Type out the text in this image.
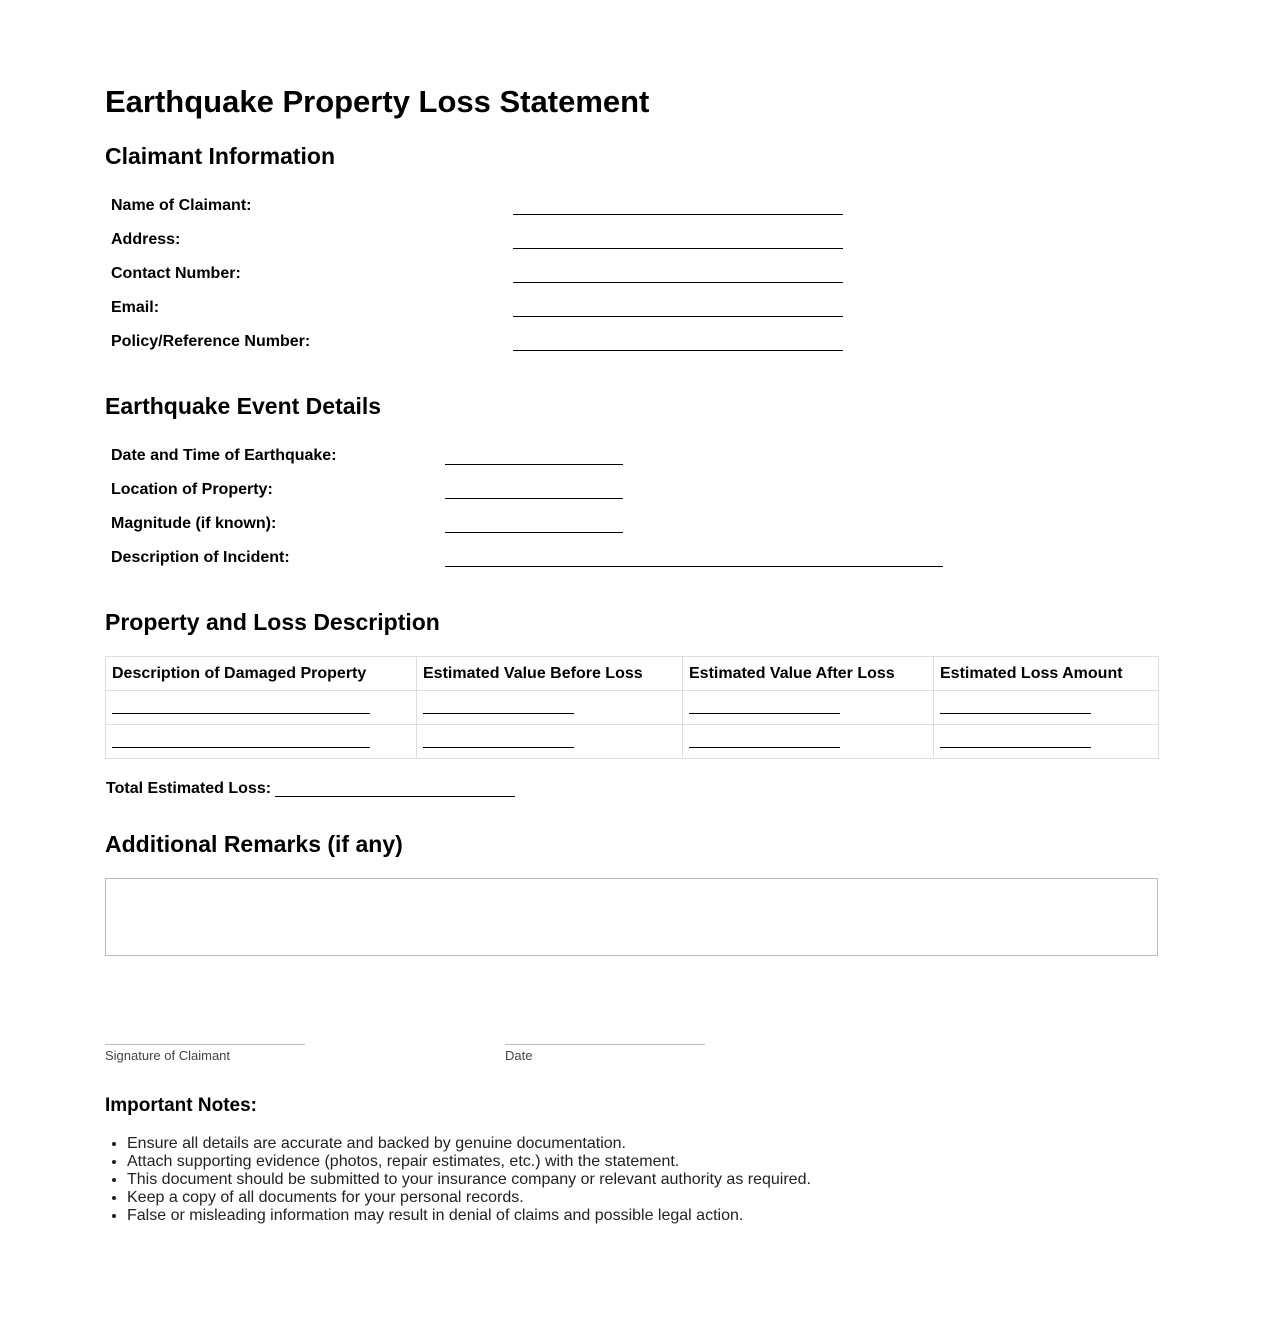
Earthquake Property Loss Statement
Claimant Information
Name of Claimant:
Address:
Contact Number:
Email:
Policy/Reference Number:
Earthquake Event Details
Date and Time of Earthquake:
Location of Property:
Magnitude (if known):
Description of Incident:
Property and Loss Description
Description of Damaged Property	Estimated Value Before Loss	Estimated Value After Loss	Estimated Loss Amount

Total Estimated Loss:
Additional Remarks (if any)
Signature of Claimant	Date
Important Notes:
• Ensure all details are accurate and backed by genuine documentation.
• Attach supporting evidence (photos, repair estimates, etc.) with the statement.
• This document should be submitted to your insurance company or relevant authority as required.
• Keep a copy of all documents for your personal records.
• False or misleading information may result in denial of claims and possible legal action.
